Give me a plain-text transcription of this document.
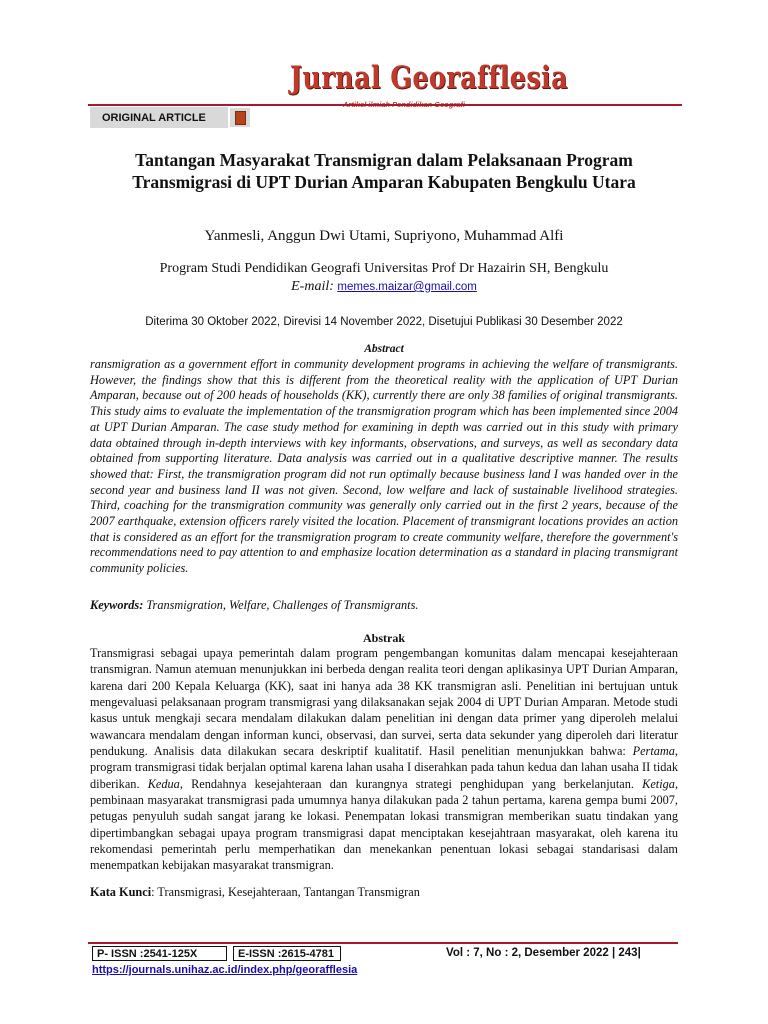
Jurnal Georafflesia
ORIGINAL ARTICLE
Tantangan Masyarakat Transmigran dalam Pelaksanaan Program
Transmigrasi di UPT Durian Amparan Kabupaten Bengkulu Utara
Yanmesli, Anggun Dwi Utami, Supriyono, Muhammad Alfi
Program Studi Pendidikan Geografi Universitas Prof Dr Hazairin SH, Bengkulu
E-mail: memes.maizar@gmail.com
Diterima 30 Oktober 2022, Direvisi 14 November 2022, Disetujui Publikasi 30 Desember 2022
Abstract
ransmigration as a government effort in community development programs in achieving the welfare of transmigrants. However, the findings show that this is different from the theoretical reality with the application of UPT Durian Amparan, because out of 200 heads of households (KK), currently there are only 38 families of original transmigrants. This study aims to evaluate the implementation of the transmigration program which has been implemented since 2004 at UPT Durian Amparan. The case study method for examining in depth was carried out in this study with primary data obtained through in-depth interviews with key informants, observations, and surveys, as well as secondary data obtained from supporting literature. Data analysis was carried out in a qualitative descriptive manner. The results showed that: First, the transmigration program did not run optimally because business land I was handed over in the second year and business land II was not given. Second, low welfare and lack of sustainable livelihood strategies. Third, coaching for the transmigration community was generally only carried out in the first 2 years, because of the 2007 earthquake, extension officers rarely visited the location. Placement of transmigrant locations provides an action that is considered as an effort for the transmigration program to create community welfare, therefore the government's recommendations need to pay attention to and emphasize location determination as a standard in placing transmigrant community policies.
Keywords: Transmigration, Welfare, Challenges of Transmigrants.
Abstrak
Transmigrasi sebagai upaya pemerintah dalam program pengembangan komunitas dalam mencapai kesejahteraan transmigran. Namun atemuan menunjukkan ini berbeda dengan realita teori dengan aplikasinya UPT Durian Amparan, karena dari 200 Kepala Keluarga (KK), saat ini hanya ada 38 KK transmigran asli. Penelitian ini bertujuan untuk mengevaluasi pelaksanaan program transmigrasi yang dilaksanakan sejak 2004 di UPT Durian Amparan. Metode studi kasus untuk mengkaji secara mendalam dilakukan dalam penelitian ini dengan data primer yang diperoleh melalui wawancara mendalam dengan informan kunci, observasi, dan survei, serta data sekunder yang diperoleh dari literatur pendukung. Analisis data dilakukan secara deskriptif kualitatif. Hasil penelitian menunjukkan bahwa: Pertama, program transmigrasi tidak berjalan optimal karena lahan usaha I diserahkan pada tahun kedua dan lahan usaha II tidak diberikan. Kedua, Rendahnya kesejahteraan dan kurangnya strategi penghidupan yang berkelanjutan. Ketiga, pembinaan masyarakat transmigrasi pada umumnya hanya dilakukan pada 2 tahun pertama, karena gempa bumi 2007, petugas penyuluh sudah sangat jarang ke lokasi. Penempatan lokasi transmigran memberikan suatu tindakan yang dipertimbangkan sebagai upaya program transmigrasi dapat menciptakan kesejahtraan masyarakat, oleh karena itu rekomendasi pemerintah perlu memperhatikan dan menekankan penentuan lokasi sebagai standarisasi dalam menempatkan kebijakan masyarakat transmigran.
Kata Kunci: Transmigrasi, Kesejahteraan, Tantangan Transmigran
P- ISSN :2541-125X	E-ISSN :2615-4781	Vol : 7, No : 2, Desember 2022 | 243|
https://journals.unihaz.ac.id/index.php/georafflesia
